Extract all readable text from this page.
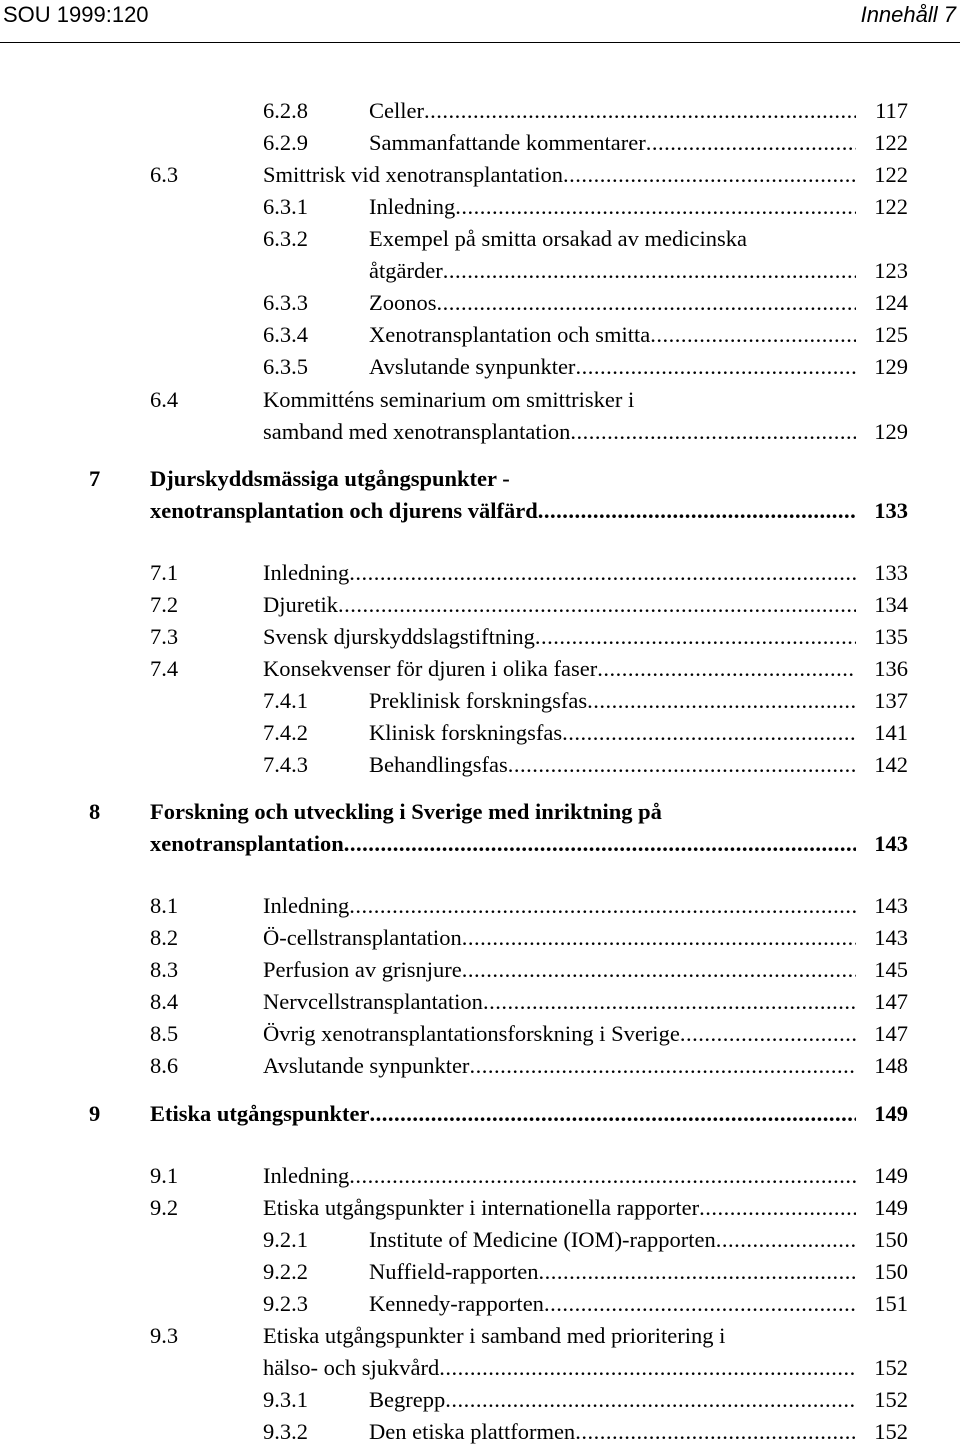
SOU 1999:120	Innehåll 7
6.2.8	Celler .....	117
6.2.9	Sammanfattande kommentarer .....	122
6.3	Smittrisk vid xenotransplantation .....	122
6.3.1	Inledning .....	122
6.3.2	Exempel på smitta orsakad av medicinska
åtgärder .....	123
6.3.3	Zoonos .....	124
6.3.4	Xenotransplantation och smitta .....	125
6.3.5	Avslutande synpunkter .....	129
6.4	Kommitténs seminarium om smittrisker i
samband med xenotransplantation .....	129
7 Djurskyddsmässiga utgångspunkter -
xenotransplantation och djurens välfärd .....	133
7.1	Inledning .....	133
7.2	Djuretik .....	134
7.3	Svensk djurskyddslagstiftning .....	135
7.4	Konsekvenser för djuren i olika faser .....	136
7.4.1	Preklinisk forskningsfas .....	137
7.4.2	Klinisk forskningsfas .....	141
7.4.3	Behandlingsfas .....	142
8 Forskning och utveckling i Sverige med inriktning på
xenotransplantation .....	143
8.1	Inledning .....	143
8.2	Ö-cellstransplantation .....	143
8.3	Perfusion av grisnjure .....	145
8.4	Nervcellstransplantation .....	147
8.5	Övrig xenotransplantationsforskning i Sverige .....	147
8.6	Avslutande synpunkter .....	148
9 Etiska utgångspunkter .....	149
9.1	Inledning .....	149
9.2	Etiska utgångspunkter i internationella rapporter .....	149
9.2.1	Institute of Medicine (IOM)-rapporten .....	150
9.2.2	Nuffield-rapporten .....	150
9.2.3	Kennedy-rapporten .....	151
9.3	Etiska utgångspunkter i samband med prioritering i
hälso- och sjukvård .....	152
9.3.1	Begrepp .....	152
9.3.2	Den etiska plattformen .....	152
